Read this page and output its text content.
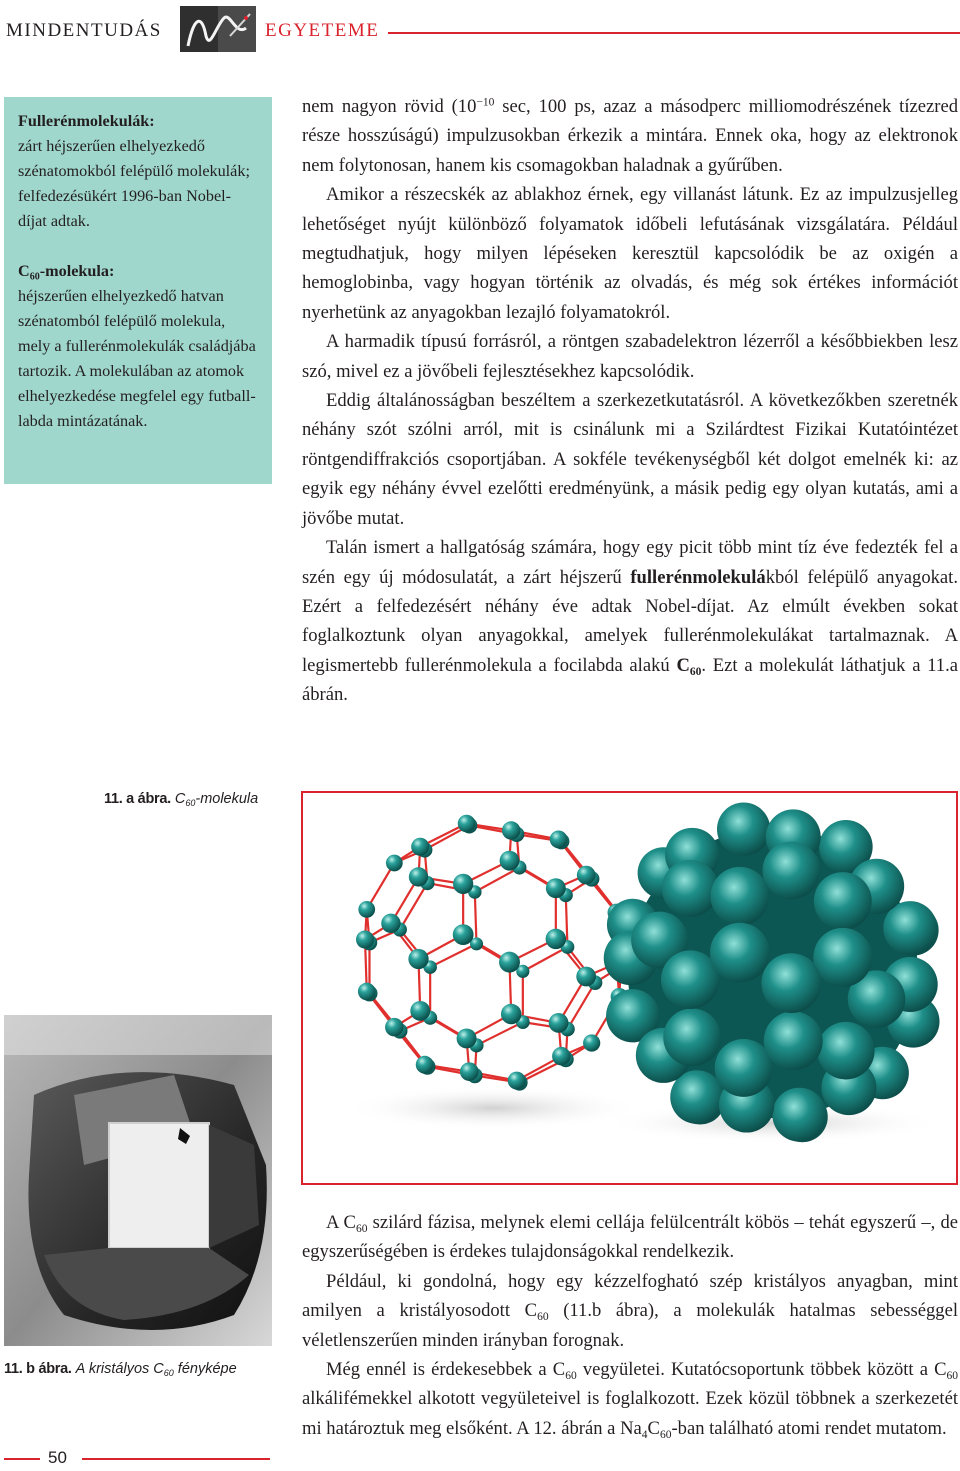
MINDENTUDÁS	EGYETEME

Fullerénmolekulák:
zárt héjszerűen elhelyezkedő szénatomokból felépülő molekulák; felfedezésükért 1996-ban Nobel-díjat adtak.

$C_{60}$-molekula:
héjszerűen elhelyezkedő hatvan szénatomból felépülő molekula, mely a fullerénmolekulák családjába tartozik. A molekulában az atomok elhelyezkedése megfelel egy futball-labda mintázatának.

nem nagyon rövid ($10^{-10}$ sec, 100 ps, azaz a másodperc milliomodrészének tízezred része hosszúságú) impulzusokban érkezik a mintára. Ennek oka, hogy az elektronok nem folytonosan, hanem kis csomagokban haladnak a gyűrűben.

Amikor a részecskék az ablakhoz érnek, egy villanást látunk. Ez az impulzusjelleg lehetőséget nyújt különböző folyamatok időbeli lefutásának vizsgálatára. Például megtudhatjuk, hogy milyen lépéseken keresztül kapcsolódik be az oxigén a hemoglobinba, vagy hogyan történik az olvadás, és még sok értékes információt nyerhetünk az anyagokban lezajló folyamatokról.

A harmadik típusú forrásról, a röntgen szabadelektron lézerről a későbbiekben lesz szó, mivel ez a jövőbeli fejlesztésekhez kapcsolódik.

Eddig általánosságban beszéltem a szerkezetkutatásról. A következőkben szeretnék néhány szót szólni arról, mit is csinálunk mi a Szilárdtest Fizikai Kutatóintézet röntgendiffrakciós csoportjában. A sokféle tevékenységből két dolgot emelnék ki: az egyik egy néhány évvel ezelőtti eredményünk, a másik pedig egy olyan kutatás, ami a jövőbe mutat.

Talán ismert a hallgatóság számára, hogy egy picit több mint tíz éve fedezték fel a szén egy új módosulatát, a zárt héjszerű fullerénmolekulákból felépülő anyagokat. Ezért a felfedezésért néhány éve adtak Nobel-díjat. Az elmúlt években sokat foglalkoztunk olyan anyagokkal, amelyek fullerénmolekulákat tartalmaznak. A legismertebb fullerénmolekula a focilabda alakú $C_{60}$. Ezt a molekulát láthatjuk a 11.a ábrán.

11. a ábra. $C_{60}$-molekula
11. b ábra. A kristályos $C_{60}$ fényképe

A $C_{60}$ szilárd fázisa, melynek elemi cellája felülcentrált köbös – tehát egyszerű –, de egyszerűségében is érdekes tulajdonságokkal rendelkezik.

Például, ki gondolná, hogy egy kézzelfogható szép kristályos anyagban, mint amilyen a kristályosodott $C_{60}$ (11.b ábra), a molekulák hatalmas sebességgel véletlenszerűen minden irányban forognak.

Még ennél is érdekesebbek a $C_{60}$ vegyületei. Kutatócsoportunk többek között a $C_{60}$ alkálifémekkel alkotott vegyületeivel is foglalkozott. Ezek közül többnek a szerkezetét mi határoztuk meg elsőként. A 12. ábrán a $Na_4C_{60}$-ban található atomi rendet mutatom.

50
